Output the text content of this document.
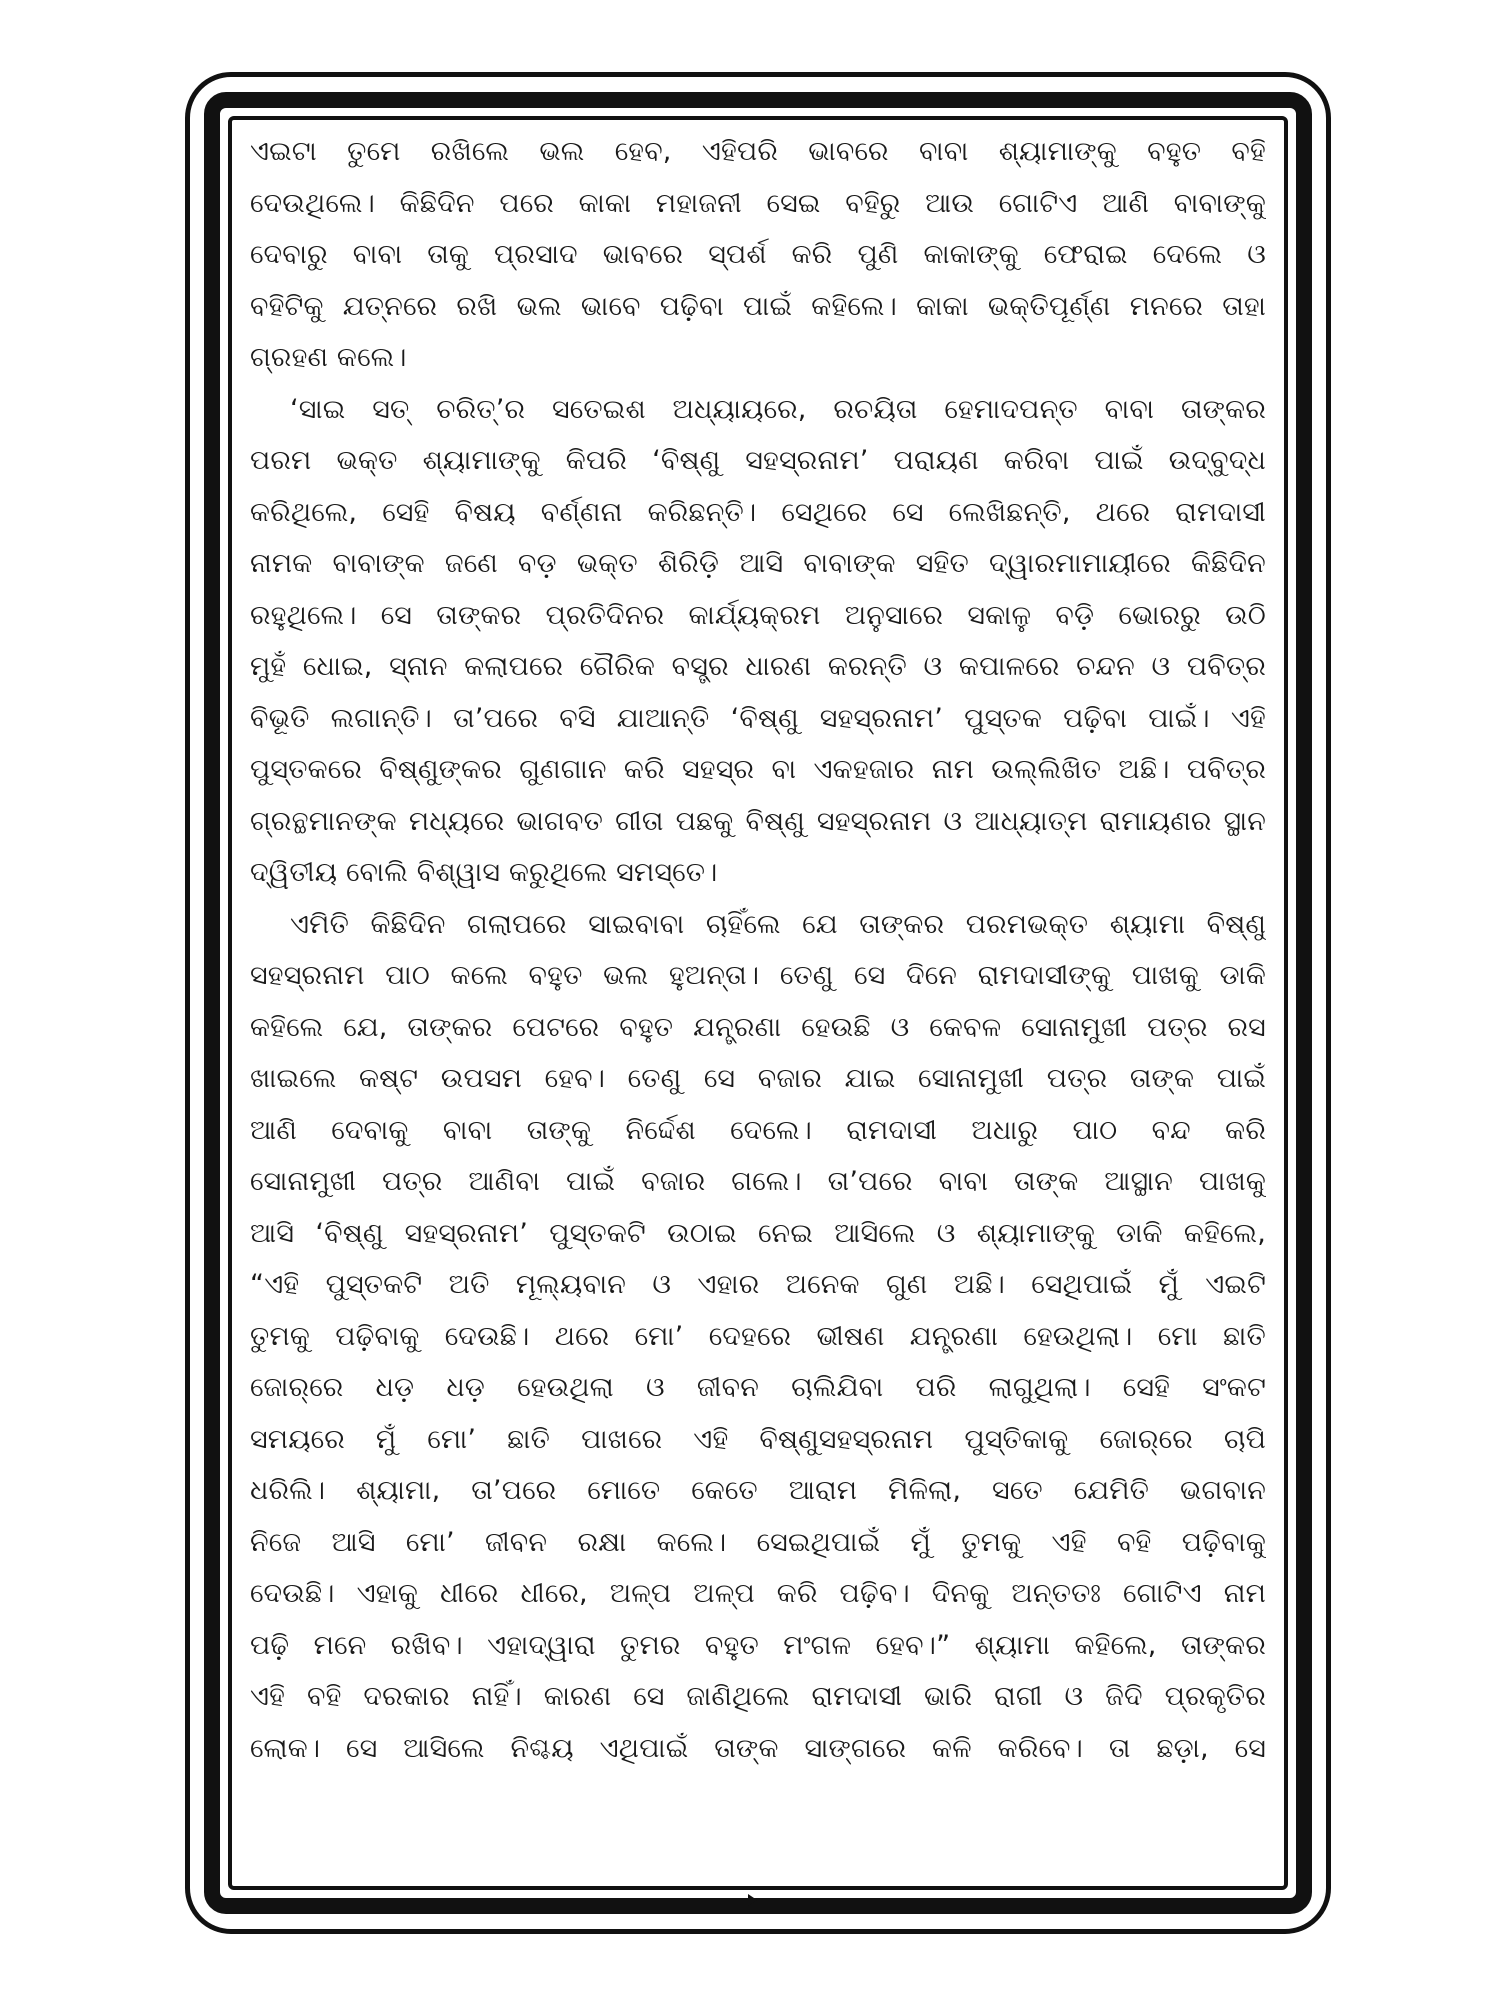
ଏଇଟା ତୁମେ ରଖିଲେ ଭଲ ହେବ, ଏହିପରି ଭାବରେ ବାବା ଶ୍ୟାମାଙ୍କୁ ବହୁତ ବହି
ଦେଉଥିଲେ। କିଛିଦିନ ପରେ କାକା ମହାଜନୀ ସେଇ ବହିରୁ ଆଉ ଗୋଟିଏ ଆଣି ବାବାଙ୍କୁ
ଦେବାରୁ ବାବା ତାକୁ ପ୍ରସାଦ ଭାବରେ ସ୍ପର୍ଶ କରି ପୁଣି କାକାଙ୍କୁ ଫେରାଇ ଦେଲେ ଓ
ବହିଟିକୁ ଯତ୍ନରେ ରଖି ଭଲ ଭାବେ ପଢ଼ିବା ପାଇଁ କହିଲେ। କାକା ଭକ୍ତିପୂର୍ଣ୍ଣ ମନରେ ତାହା
ଗ୍ରହଣ କଲେ।
‘ସାଇ ସତ୍ ଚରିତ୍’ର ସତେଇଶ ଅଧ୍ୟାୟରେ, ରଚୟିତା ହେମାଦପନ୍ତ ବାବା ତାଙ୍କର
ପରମ ଭକ୍ତ ଶ୍ୟାମାଙ୍କୁ କିପରି ‘ବିଷ୍ଣୁ ସହସ୍ରନାମ’ ପରାୟଣ କରିବା ପାଇଁ ଉଦ୍‌ବୁଦ୍ଧ
କରିଥିଲେ, ସେହି ବିଷୟ ବର୍ଣ୍ଣନା କରିଛନ୍ତି। ସେଥିରେ ସେ ଲେଖିଛନ୍ତି, ଥରେ ରାମଦାସୀ
ନାମକ ବାବାଙ୍କ ଜଣେ ବଡ଼ ଭକ୍ତ ଶିରିଡ଼ି ଆସି ବାବାଙ୍କ ସହିତ ଦ୍ୱାରମାମାୟୀରେ କିଛିଦିନ
ରହୁଥିଲେ। ସେ ତାଙ୍କର ପ୍ରତିଦିନର କାର୍ଯ୍ୟକ୍ରମ ଅନୁସାରେ ସକାଳୁ ବଡ଼ି ଭୋରରୁ ଉଠି
ମୁହଁ ଧୋଇ, ସ୍ନାନ କଲାପରେ ଗୈରିକ ବସ୍ତ୍ର ଧାରଣ କରନ୍ତି ଓ କପାଳରେ ଚନ୍ଦନ ଓ ପବିତ୍ର
ବିଭୂତି ଲଗାନ୍ତି। ତା’ପରେ ବସି ଯାଆନ୍ତି ‘ବିଷ୍ଣୁ ସହସ୍ରନାମ’ ପୁସ୍ତକ ପଢ଼ିବା ପାଇଁ। ଏହି
ପୁସ୍ତକରେ ବିଷ୍ଣୁଙ୍କର ଗୁଣଗାନ କରି ସହସ୍ର ବା ଏକହଜାର ନାମ ଉଲ୍ଲିଖିତ ଅଛି। ପବିତ୍ର
ଗ୍ରନ୍ଥମାନଙ୍କ ମଧ୍ୟରେ ଭାଗବତ ଗୀତା ପଛକୁ ବିଷ୍ଣୁ ସହସ୍ରନାମ ଓ ଆଧ୍ୟାତ୍ମ ରାମାୟଣର ସ୍ଥାନ
ଦ୍ୱିତୀୟ ବୋଲି ବିଶ୍ୱାସ କରୁଥିଲେ ସମସ୍ତେ।
ଏମିତି କିଛିଦିନ ଗଲାପରେ ସାଇବାବା ଚାହିଁଲେ ଯେ ତାଙ୍କର ପରମଭକ୍ତ ଶ୍ୟାମା ବିଷ୍ଣୁ
ସହସ୍ରନାମ ପାଠ କଲେ ବହୁତ ଭଲ ହୁଅନ୍ତା। ତେଣୁ ସେ ଦିନେ ରାମଦାସୀଙ୍କୁ ପାଖକୁ ଡାକି
କହିଲେ ଯେ, ତାଙ୍କର ପେଟରେ ବହୁତ ଯନ୍ତ୍ରଣା ହେଉଛି ଓ କେବଳ ସୋନାମୁଖୀ ପତ୍ର ରସ
ଖାଇଲେ କଷ୍ଟ ଉପସମ ହେବ। ତେଣୁ ସେ ବଜାର ଯାଇ ସୋନାମୁଖୀ ପତ୍ର ତାଙ୍କ ପାଇଁ
ଆଣି ଦେବାକୁ ବାବା ତାଙ୍କୁ ନିର୍ଦ୍ଦେଶ ଦେଲେ। ରାମଦାସୀ ଅଧାରୁ ପାଠ ବନ୍ଦ କରି
ସୋନାମୁଖୀ ପତ୍ର ଆଣିବା ପାଇଁ ବଜାର ଗଲେ। ତା’ପରେ ବାବା ତାଙ୍କ ଆସ୍ଥାନ ପାଖକୁ
ଆସି ‘ବିଷ୍ଣୁ ସହସ୍ରନାମ’ ପୁସ୍ତକଟି ଉଠାଇ ନେଇ ଆସିଲେ ଓ ଶ୍ୟାମାଙ୍କୁ ଡାକି କହିଲେ,
“ଏହି ପୁସ୍ତକଟି ଅତି ମୂଲ୍ୟବାନ ଓ ଏହାର ଅନେକ ଗୁଣ ଅଛି। ସେଥିପାଇଁ ମୁଁ ଏଇଟି
ତୁମକୁ ପଢ଼ିବାକୁ ଦେଉଛି। ଥରେ ମୋ’ ଦେହରେ ଭୀଷଣ ଯନ୍ତ୍ରଣା ହେଉଥିଲା। ମୋ ଛାତି
ଜୋର୍‌ରେ ଧଡ଼ ଧଡ଼ ହେଉଥିଲା ଓ ଜୀବନ ଚାଲିଯିବା ପରି ଲାଗୁଥିଲା। ସେହି ସଂକଟ
ସମୟରେ ମୁଁ ମୋ’ ଛାତି ପାଖରେ ଏହି ବିଷ୍ଣୁସହସ୍ରନାମ ପୁସ୍ତିକାକୁ ଜୋର୍‌ରେ ଚାପି
ଧରିଲି। ଶ୍ୟାମା, ତା’ପରେ ମୋତେ କେତେ ଆରାମ ମିଳିଲା, ସତେ ଯେମିତି ଭଗବାନ
ନିଜେ ଆସି ମୋ’ ଜୀବନ ରକ୍ଷା କଲେ। ସେଇଥିପାଇଁ ମୁଁ ତୁମକୁ ଏହି ବହି ପଢ଼ିବାକୁ
ଦେଉଛି। ଏହାକୁ ଧୀରେ ଧୀରେ, ଅଳ୍ପ ଅଳ୍ପ କରି ପଢ଼ିବ। ଦିନକୁ ଅନ୍ତତଃ ଗୋଟିଏ ନାମ
ପଢ଼ି ମନେ ରଖିବ। ଏହାଦ୍ୱାରା ତୁମର ବହୁତ ମଂଗଳ ହେବ।” ଶ୍ୟାମା କହିଲେ, ତାଙ୍କର
ଏହି ବହି ଦରକାର ନାହିଁ। କାରଣ ସେ ଜାଣିଥିଲେ ରାମଦାସୀ ଭାରି ରାଗୀ ଓ ଜିଦି ପ୍ରକୃତିର
ଲୋକ। ସେ ଆସିଲେ ନିଶ୍ଚୟ ଏଥିପାଇଁ ତାଙ୍କ ସାଙ୍ଗରେ କଳି କରିବେ। ତା ଛଡ଼ା, ସେ
